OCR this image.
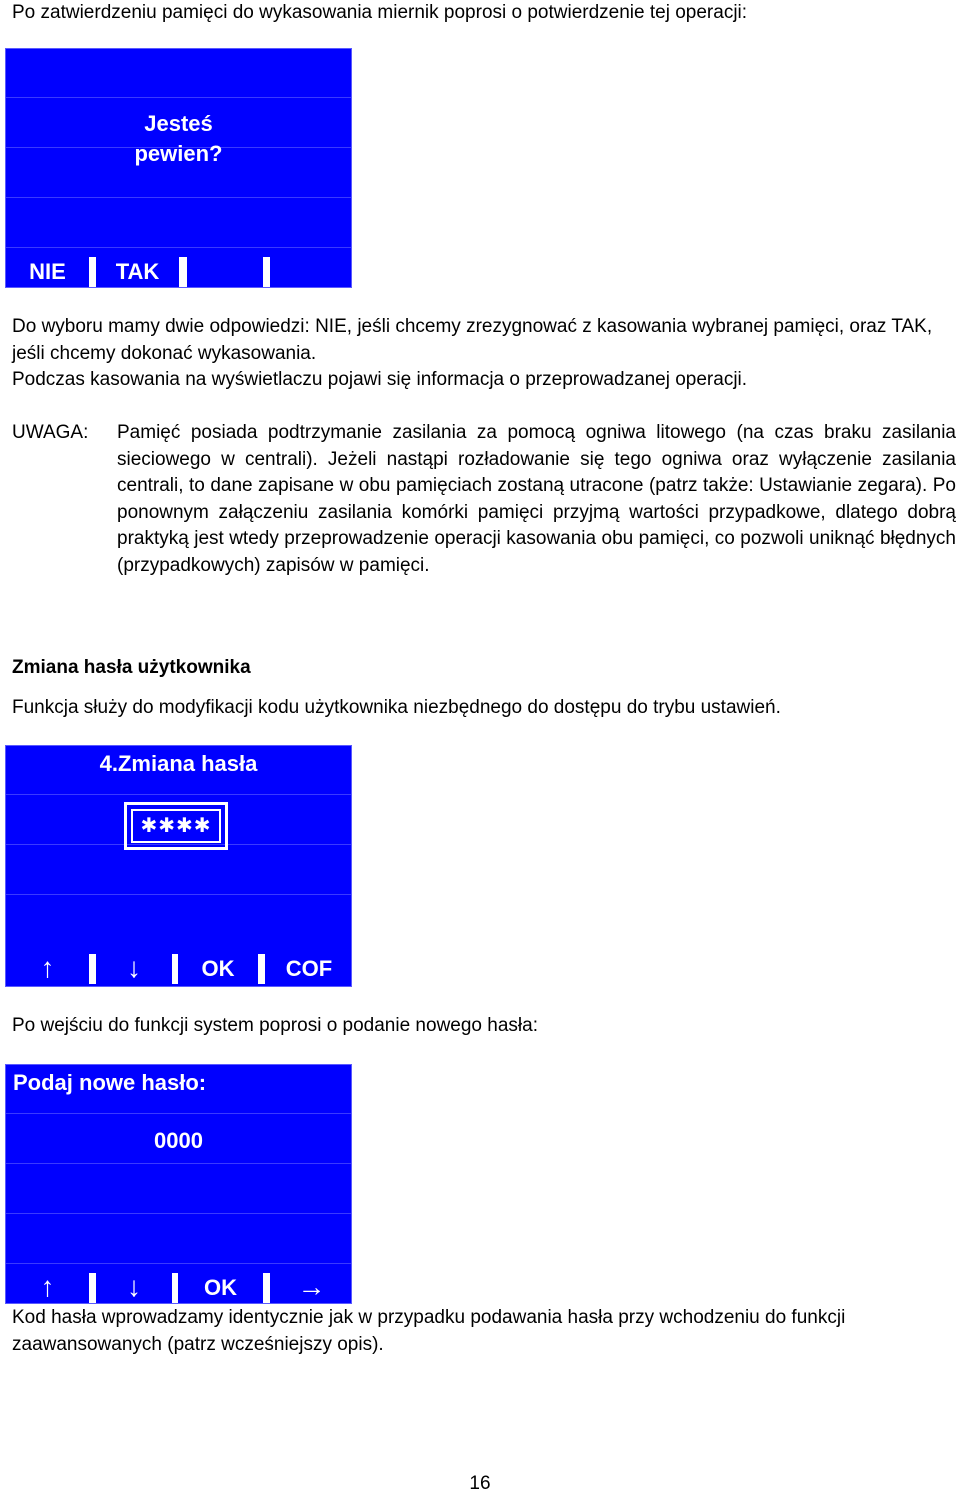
Po zatwierdzeniu pamięci do wykasowania miernik poprosi o potwierdzenie tej operacji:
Jesteś
pewien?
NIE	TAK
Do wyboru mamy dwie odpowiedzi: NIE, jeśli chcemy zrezygnować z kasowania wybranej pamięci, oraz TAK, jeśli chcemy dokonać wykasowania.
Podczas kasowania na wyświetlaczu pojawi się informacja o przeprowadzanej operacji.
UWAGA:	Pamięć posiada podtrzymanie zasilania za pomocą ogniwa litowego (na czas braku zasilania sieciowego w centrali). Jeżeli nastąpi rozładowanie się tego ogniwa oraz wyłączenie zasilania centrali, to dane zapisane w obu pamięciach zostaną utracone (patrz także: Ustawianie zegara). Po ponownym załączeniu zasilania komórki pamięci przyjmą wartości przypadkowe, dlatego dobrą praktyką jest wtedy przeprowadzenie operacji kasowania obu pamięci, co pozwoli uniknąć błędnych (przypadkowych) zapisów w pamięci.
Zmiana hasła użytkownika
Funkcja służy do modyfikacji kodu użytkownika niezbędnego do dostępu do trybu ustawień.
4.Zmiana hasła
✱✱✱✱
↑	↓	OK	COF
Po wejściu do funkcji system poprosi o podanie nowego hasła:
Podaj nowe hasło:
0000
↑	↓	OK	→
Kod hasła wprowadzamy identycznie jak w przypadku podawania hasła przy wchodzeniu do funkcji zaawansowanych (patrz wcześniejszy opis).
16
